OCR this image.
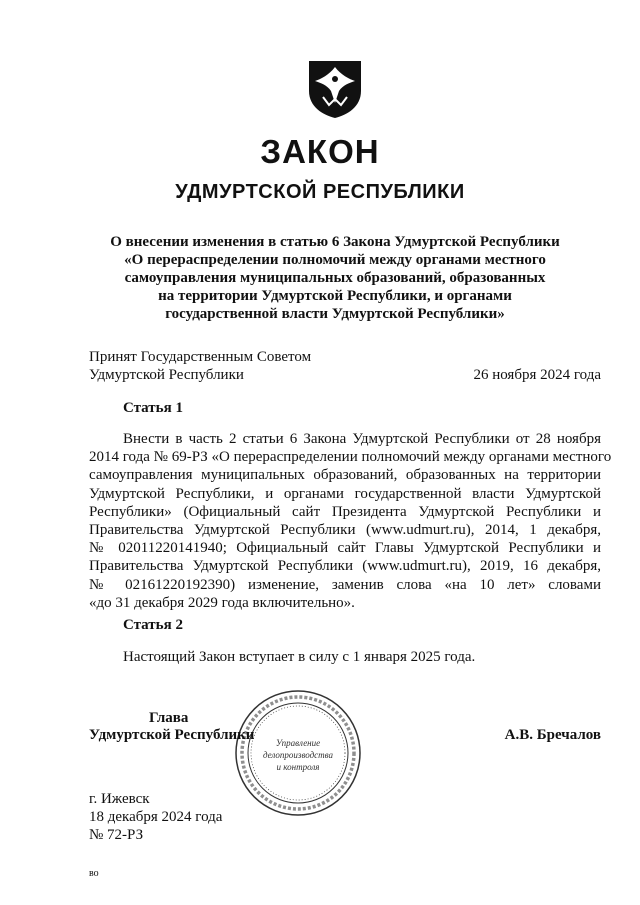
ЗАКОН
УДМУРТСКОЙ РЕСПУБЛИКИ
О внесении изменения в статью 6 Закона Удмуртской Республики
«О перераспределении полномочий между органами местного
самоуправления муниципальных образований, образованных
на территории Удмуртской Республики, и органами
государственной власти Удмуртской Республики»
Принят Государственным Советом
Удмуртской Республики	26 ноября 2024 года
Статья 1
Внести в часть 2 статьи 6 Закона Удмуртской Республики от 28 ноября
2014 года № 69-РЗ «О перераспределении полномочий между органами местного
самоуправления муниципальных образований, образованных на территории
Удмуртской Республики, и органами государственной власти Удмуртской
Республики» (Официальный сайт Президента Удмуртской Республики и
Правительства Удмуртской Республики (www.udmurt.ru), 2014, 1 декабря,
№ 02011220141940; Официальный сайт Главы Удмуртской Республики и
Правительства Удмуртской Республики (www.udmurt.ru), 2019, 16 декабря,
№ 02161220192390) изменение, заменив слова «на 10 лет» словами
«до 31 декабря 2029 года включительно».
Статья 2
Настоящий Закон вступает в силу с 1 января 2025 года.
Управление
делопроизводства
и контроля
Глава
Удмуртской Республики	А.В. Бречалов
г. Ижевск
18 декабря 2024 года
№ 72-РЗ
во
